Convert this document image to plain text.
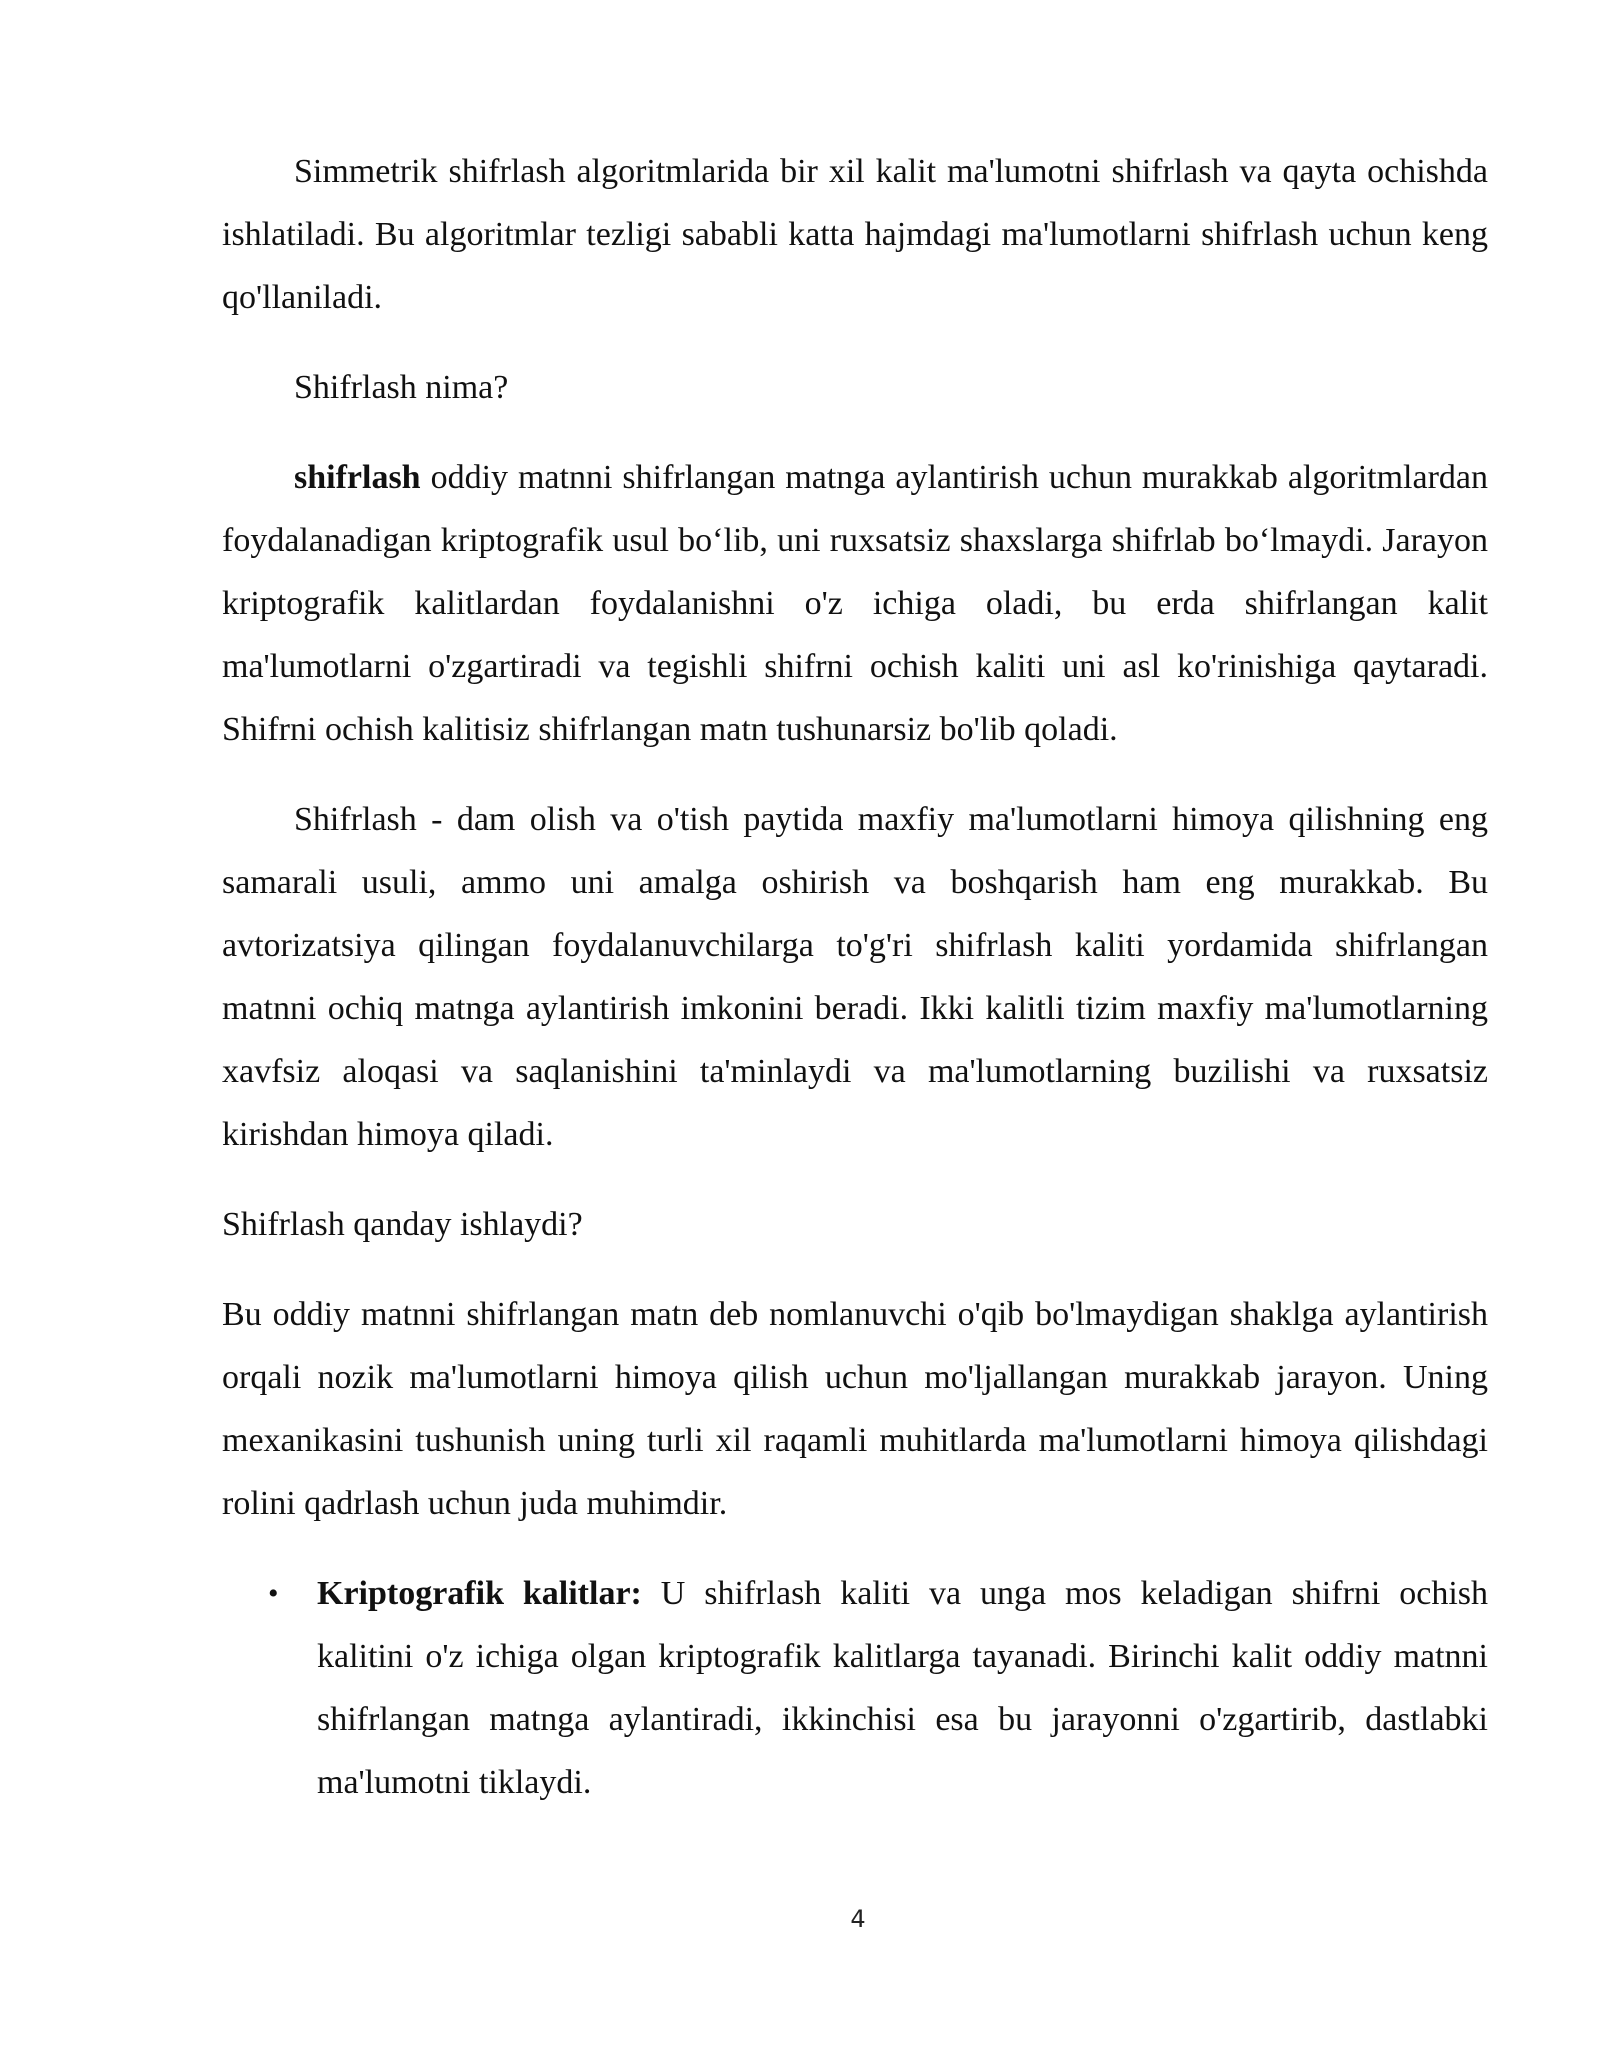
Simmetrik shifrlash algoritmlarida bir xil kalit ma'lumotni shifrlash va qayta ochishda ishlatiladi. Bu algoritmlar tezligi sababli katta hajmdagi ma'lumotlarni shifrlash uchun keng qo'llaniladi.

Shifrlash nima?

shifrlash oddiy matnni shifrlangan matnga aylantirish uchun murakkab algoritmlardan foydalanadigan kriptografik usul bo‘lib, uni ruxsatsiz shaxslarga shifrlab bo‘lmaydi. Jarayon kriptografik kalitlardan foydalanishni o'z ichiga oladi, bu erda shifrlangan kalit ma'lumotlarni o'zgartiradi va tegishli shifrni ochish kaliti uni asl ko'rinishiga qaytaradi. Shifrni ochish kalitisiz shifrlangan matn tushunarsiz bo'lib qoladi.

Shifrlash - dam olish va o'tish paytida maxfiy ma'lumotlarni himoya qilishning eng samarali usuli, ammo uni amalga oshirish va boshqarish ham eng murakkab. Bu avtorizatsiya qilingan foydalanuvchilarga to'g'ri shifrlash kaliti yordamida shifrlangan matnni ochiq matnga aylantirish imkonini beradi. Ikki kalitli tizim maxfiy ma'lumotlarning xavfsiz aloqasi va saqlanishini ta'minlaydi va ma'lumotlarning buzilishi va ruxsatsiz kirishdan himoya qiladi.

Shifrlash qanday ishlaydi?

Bu oddiy matnni shifrlangan matn deb nomlanuvchi o'qib bo'lmaydigan shaklga aylantirish orqali nozik ma'lumotlarni himoya qilish uchun mo'ljallangan murakkab jarayon. Uning mexanikasini tushunish uning turli xil raqamli muhitlarda ma'lumotlarni himoya qilishdagi rolini qadrlash uchun juda muhimdir.

• Kriptografik kalitlar: U shifrlash kaliti va unga mos keladigan shifrni ochish kalitini o'z ichiga olgan kriptografik kalitlarga tayanadi. Birinchi kalit oddiy matnni shifrlangan matnga aylantiradi, ikkinchisi esa bu jarayonni o'zgartirib, dastlabki ma'lumotni tiklaydi.
4
